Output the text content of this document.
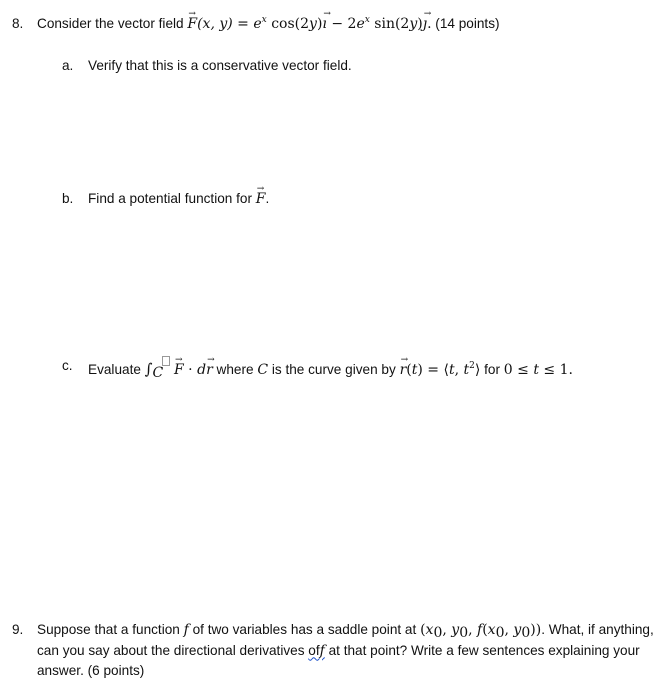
8. Consider the vector field F →(x, $y) = e^x$ cos(2y)ı → − $2e^x$ sin(2y)ȷ →. (14 points)
a. Verify that this is a conservative vector field.
b. Find a potential function for F →.
c. Evaluate $\int_C$ F → · dr → where C is the curve given by r →(t) = ⟨t, $t^2⟩$ for 0 ≤ t ≤ 1.
9. Suppose that a function f of two variables has a saddle point at ($x_0$, $y_0$, $f(x_0$, $y_0$)). What, if anything, can you say about the directional derivatives off at that point? Write a few sentences explaining your answer. (6 points)
